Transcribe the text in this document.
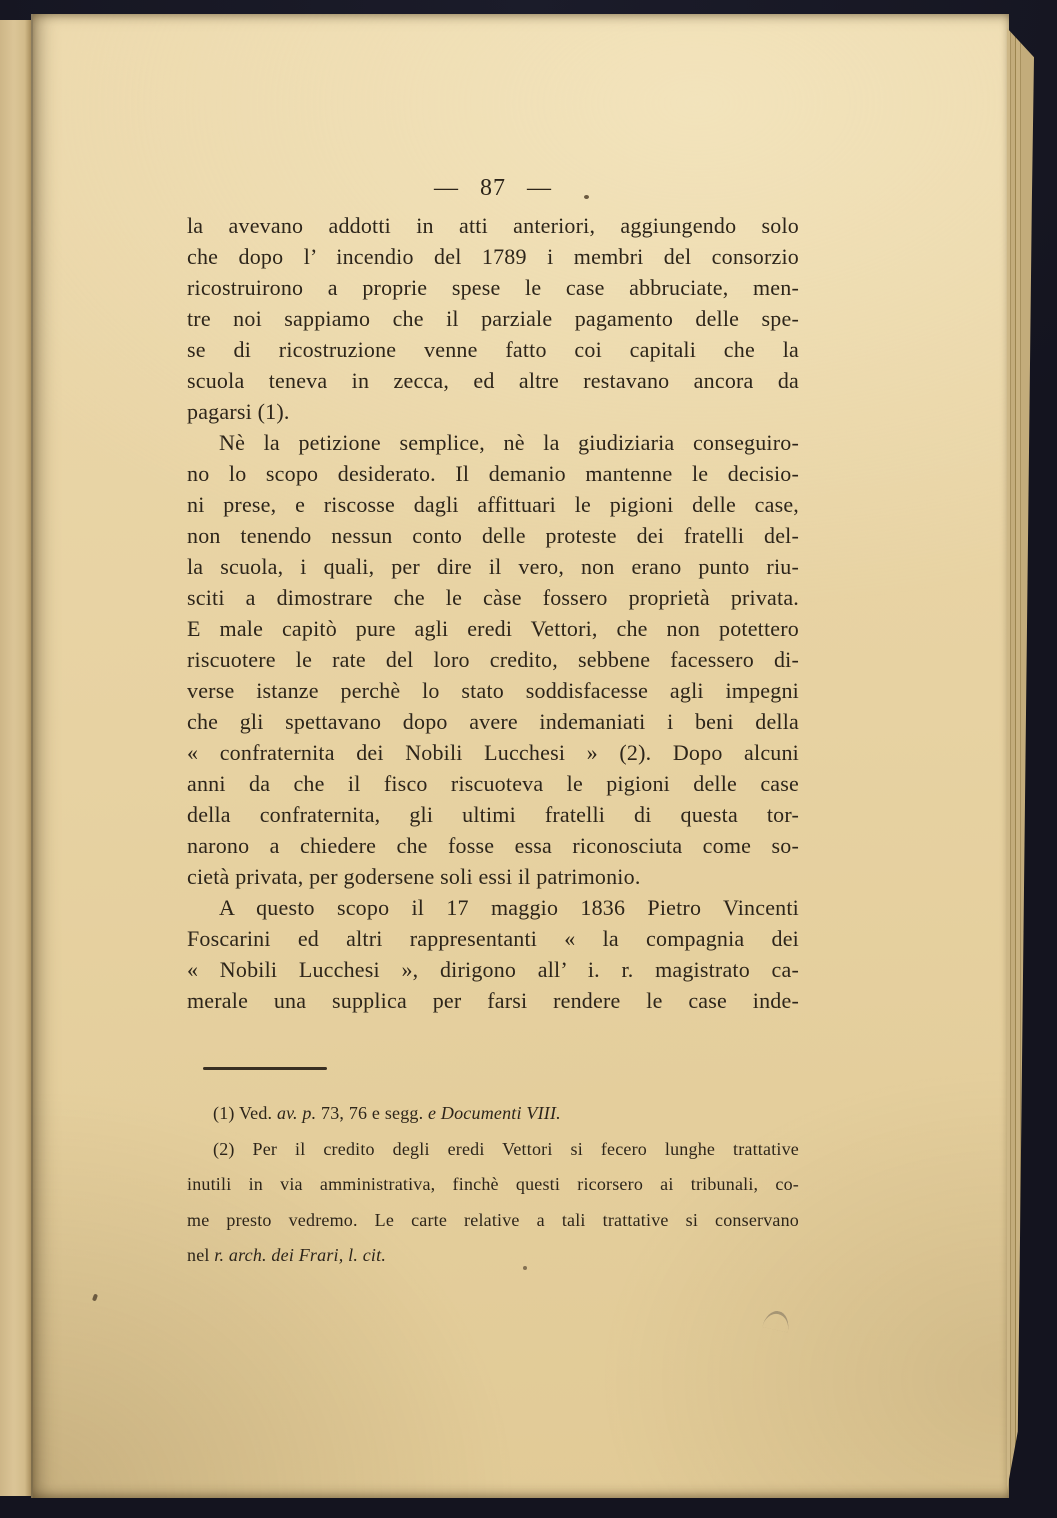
— 87 —
la avevano addotti in atti anteriori, aggiungendo solo
che dopo l’ incendio del 1789 i membri del consorzio
ricostruirono a proprie spese le case abbruciate, men-
tre noi sappiamo che il parziale pagamento delle spe-
se di ricostruzione venne fatto coi capitali che la
scuola teneva in zecca, ed altre restavano ancora da
pagarsi (1).
Nè la petizione semplice, nè la giudiziaria conseguiro-
no lo scopo desiderato. Il demanio mantenne le decisio-
ni prese, e riscosse dagli affittuari le pigioni delle case,
non tenendo nessun conto delle proteste dei fratelli del-
la scuola, i quali, per dire il vero, non erano punto riu-
sciti a dimostrare che le càse fossero proprietà privata.
E male capitò pure agli eredi Vettori, che non potettero
riscuotere le rate del loro credito, sebbene facessero di-
verse istanze perchè lo stato soddisfacesse agli impegni
che gli spettavano dopo avere indemaniati i beni della
« confraternita dei Nobili Lucchesi » (2). Dopo alcuni
anni da che il fisco riscuoteva le pigioni delle case
della confraternita, gli ultimi fratelli di questa tor-
narono a chiedere che fosse essa riconosciuta come so-
cietà privata, per godersene soli essi il patrimonio.
A questo scopo il 17 maggio 1836 Pietro Vincenti
Foscarini ed altri rappresentanti « la compagnia dei
« Nobili Lucchesi », dirigono all’ i. r. magistrato ca-
merale una supplica per farsi rendere le case inde-
(1) Ved. av. p. 73, 76 e segg. e Documenti VIII.
(2) Per il credito degli eredi Vettori si fecero lunghe trattative
inutili in via amministrativa, finchè questi ricorsero ai tribunali, co-
me presto vedremo. Le carte relative a tali trattative si conservano
nel r. arch. dei Frari, l. cit.
